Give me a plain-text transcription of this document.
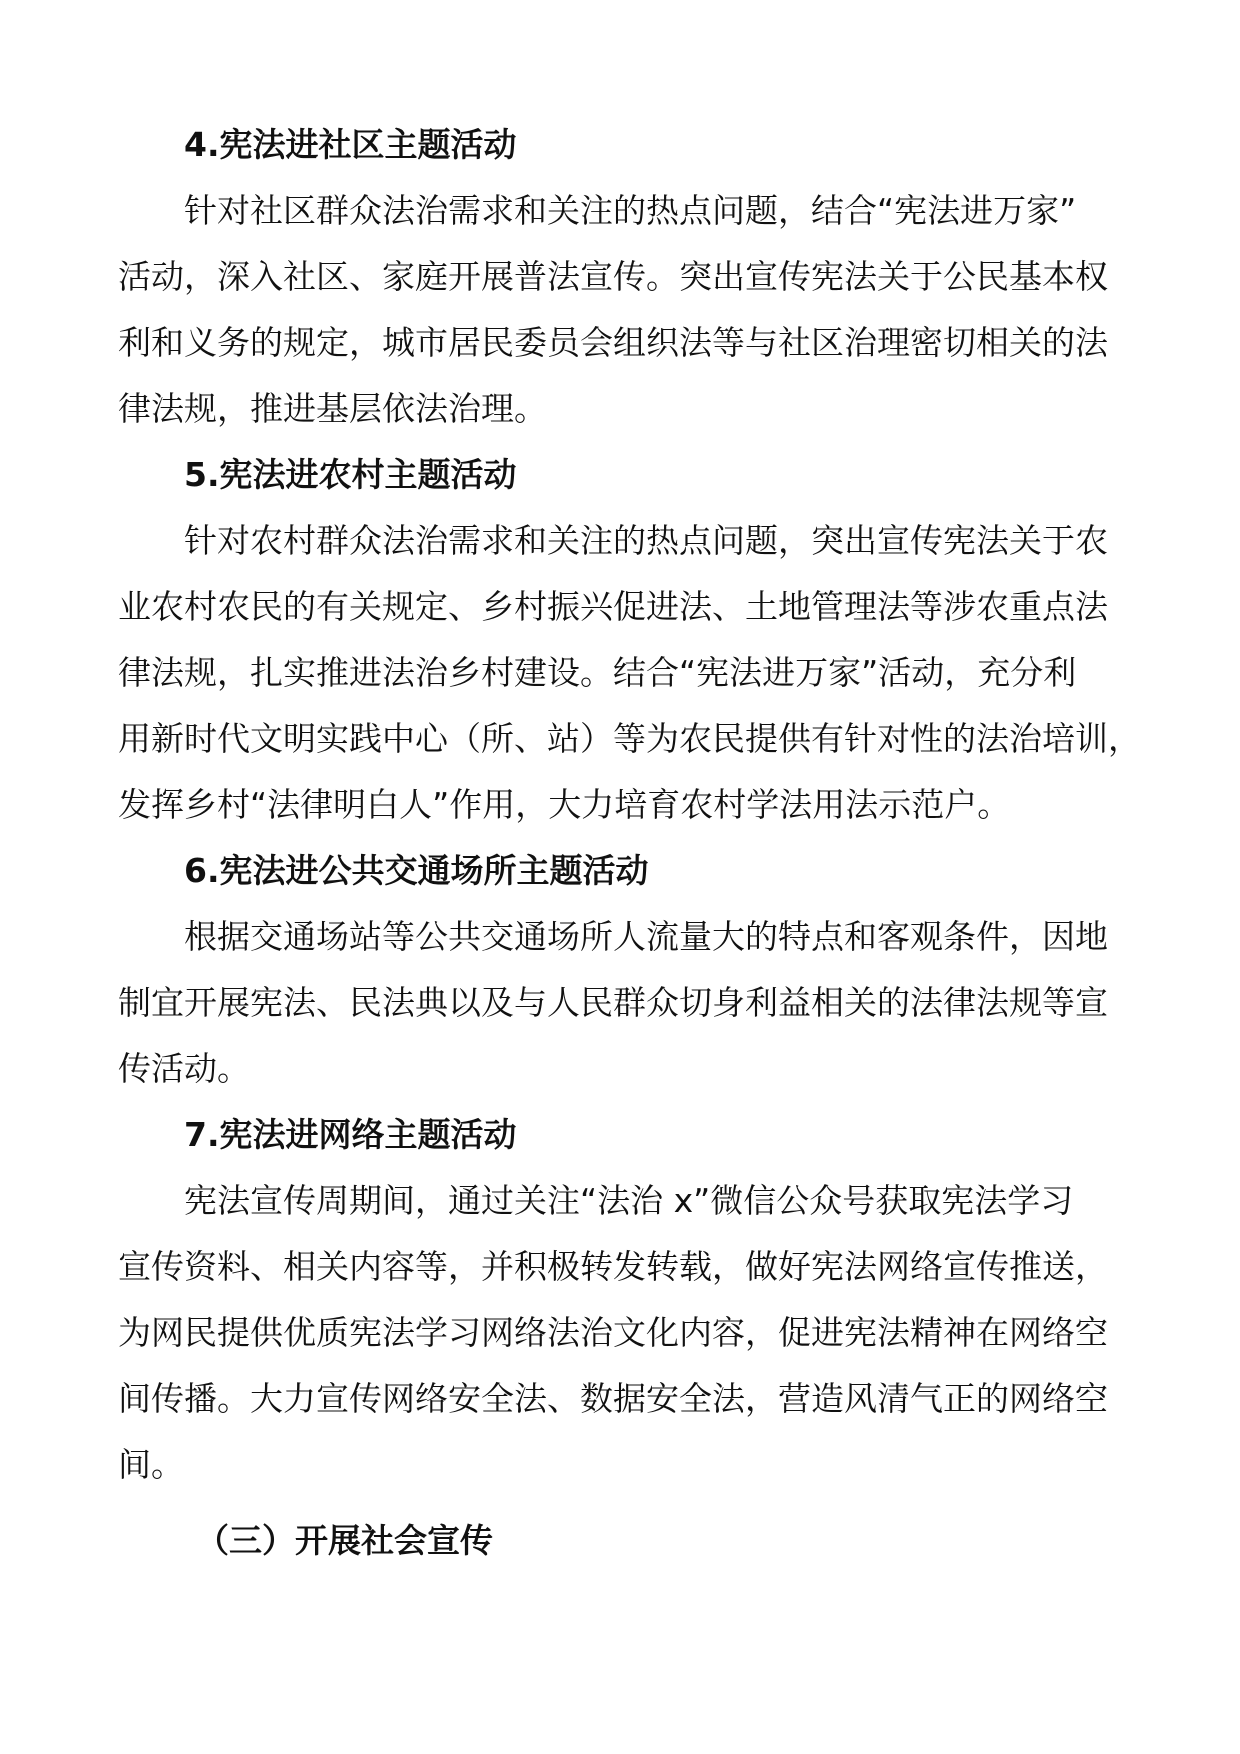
4.宪法进社区主题活动

针对社区群众法治需求和关注的热点问题，结合“宪法进万家”
活动，深入社区、家庭开展普法宣传。突出宣传宪法关于公民基本权
利和义务的规定，城市居民委员会组织法等与社区治理密切相关的法
律法规，推进基层依法治理。

5.宪法进农村主题活动

针对农村群众法治需求和关注的热点问题，突出宣传宪法关于农
业农村农民的有关规定、乡村振兴促进法、土地管理法等涉农重点法
律法规，扎实推进法治乡村建设。结合“宪法进万家”活动，充分利
用新时代文明实践中心（所、站）等为农民提供有针对性的法治培训，
发挥乡村“法律明白人”作用，大力培育农村学法用法示范户。

6.宪法进公共交通场所主题活动

根据交通场站等公共交通场所人流量大的特点和客观条件，因地
制宜开展宪法、民法典以及与人民群众切身利益相关的法律法规等宣
传活动。

7.宪法进网络主题活动

宪法宣传周期间，通过关注“法治 x”微信公众号获取宪法学习
宣传资料、相关内容等，并积极转发转载，做好宪法网络宣传推送，
为网民提供优质宪法学习网络法治文化内容，促进宪法精神在网络空
间传播。大力宣传网络安全法、数据安全法，营造风清气正的网络空
间。

（三）开展社会宣传
